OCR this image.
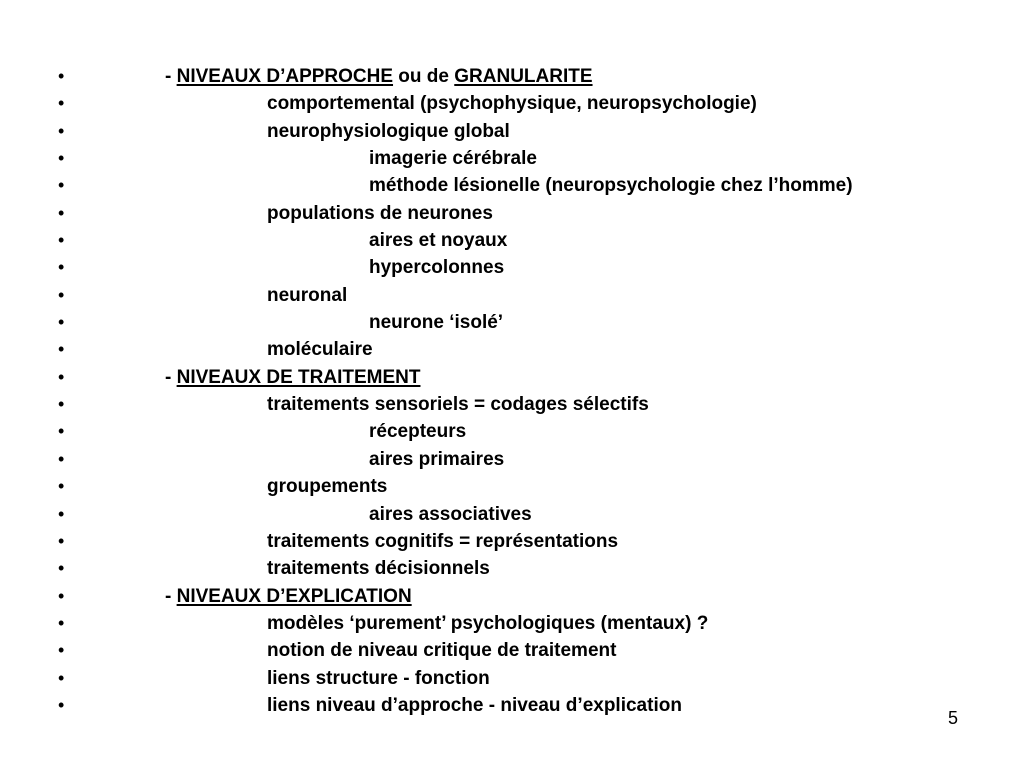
•	- NIVEAUX D’APPROCHE ou de GRANULARITE
•	comportemental (psychophysique, neuropsychologie)
•	neurophysiologique global
•	imagerie cérébrale
•	méthode lésionelle (neuropsychologie chez l’homme)
•	populations de neurones
•	aires et noyaux
•	hypercolonnes
•	neuronal
•	neurone ‘isolé’
•	moléculaire
•	- NIVEAUX DE TRAITEMENT
•	traitements sensoriels = codages sélectifs
•	récepteurs
•	aires primaires
•	groupements
•	aires associatives
•	traitements cognitifs = représentations
•	traitements décisionnels
•	- NIVEAUX D’EXPLICATION
•	modèles ‘purement’ psychologiques (mentaux) ?
•	notion de niveau critique de traitement
•	liens structure - fonction
•	liens niveau d’approche - niveau d’explication
5
